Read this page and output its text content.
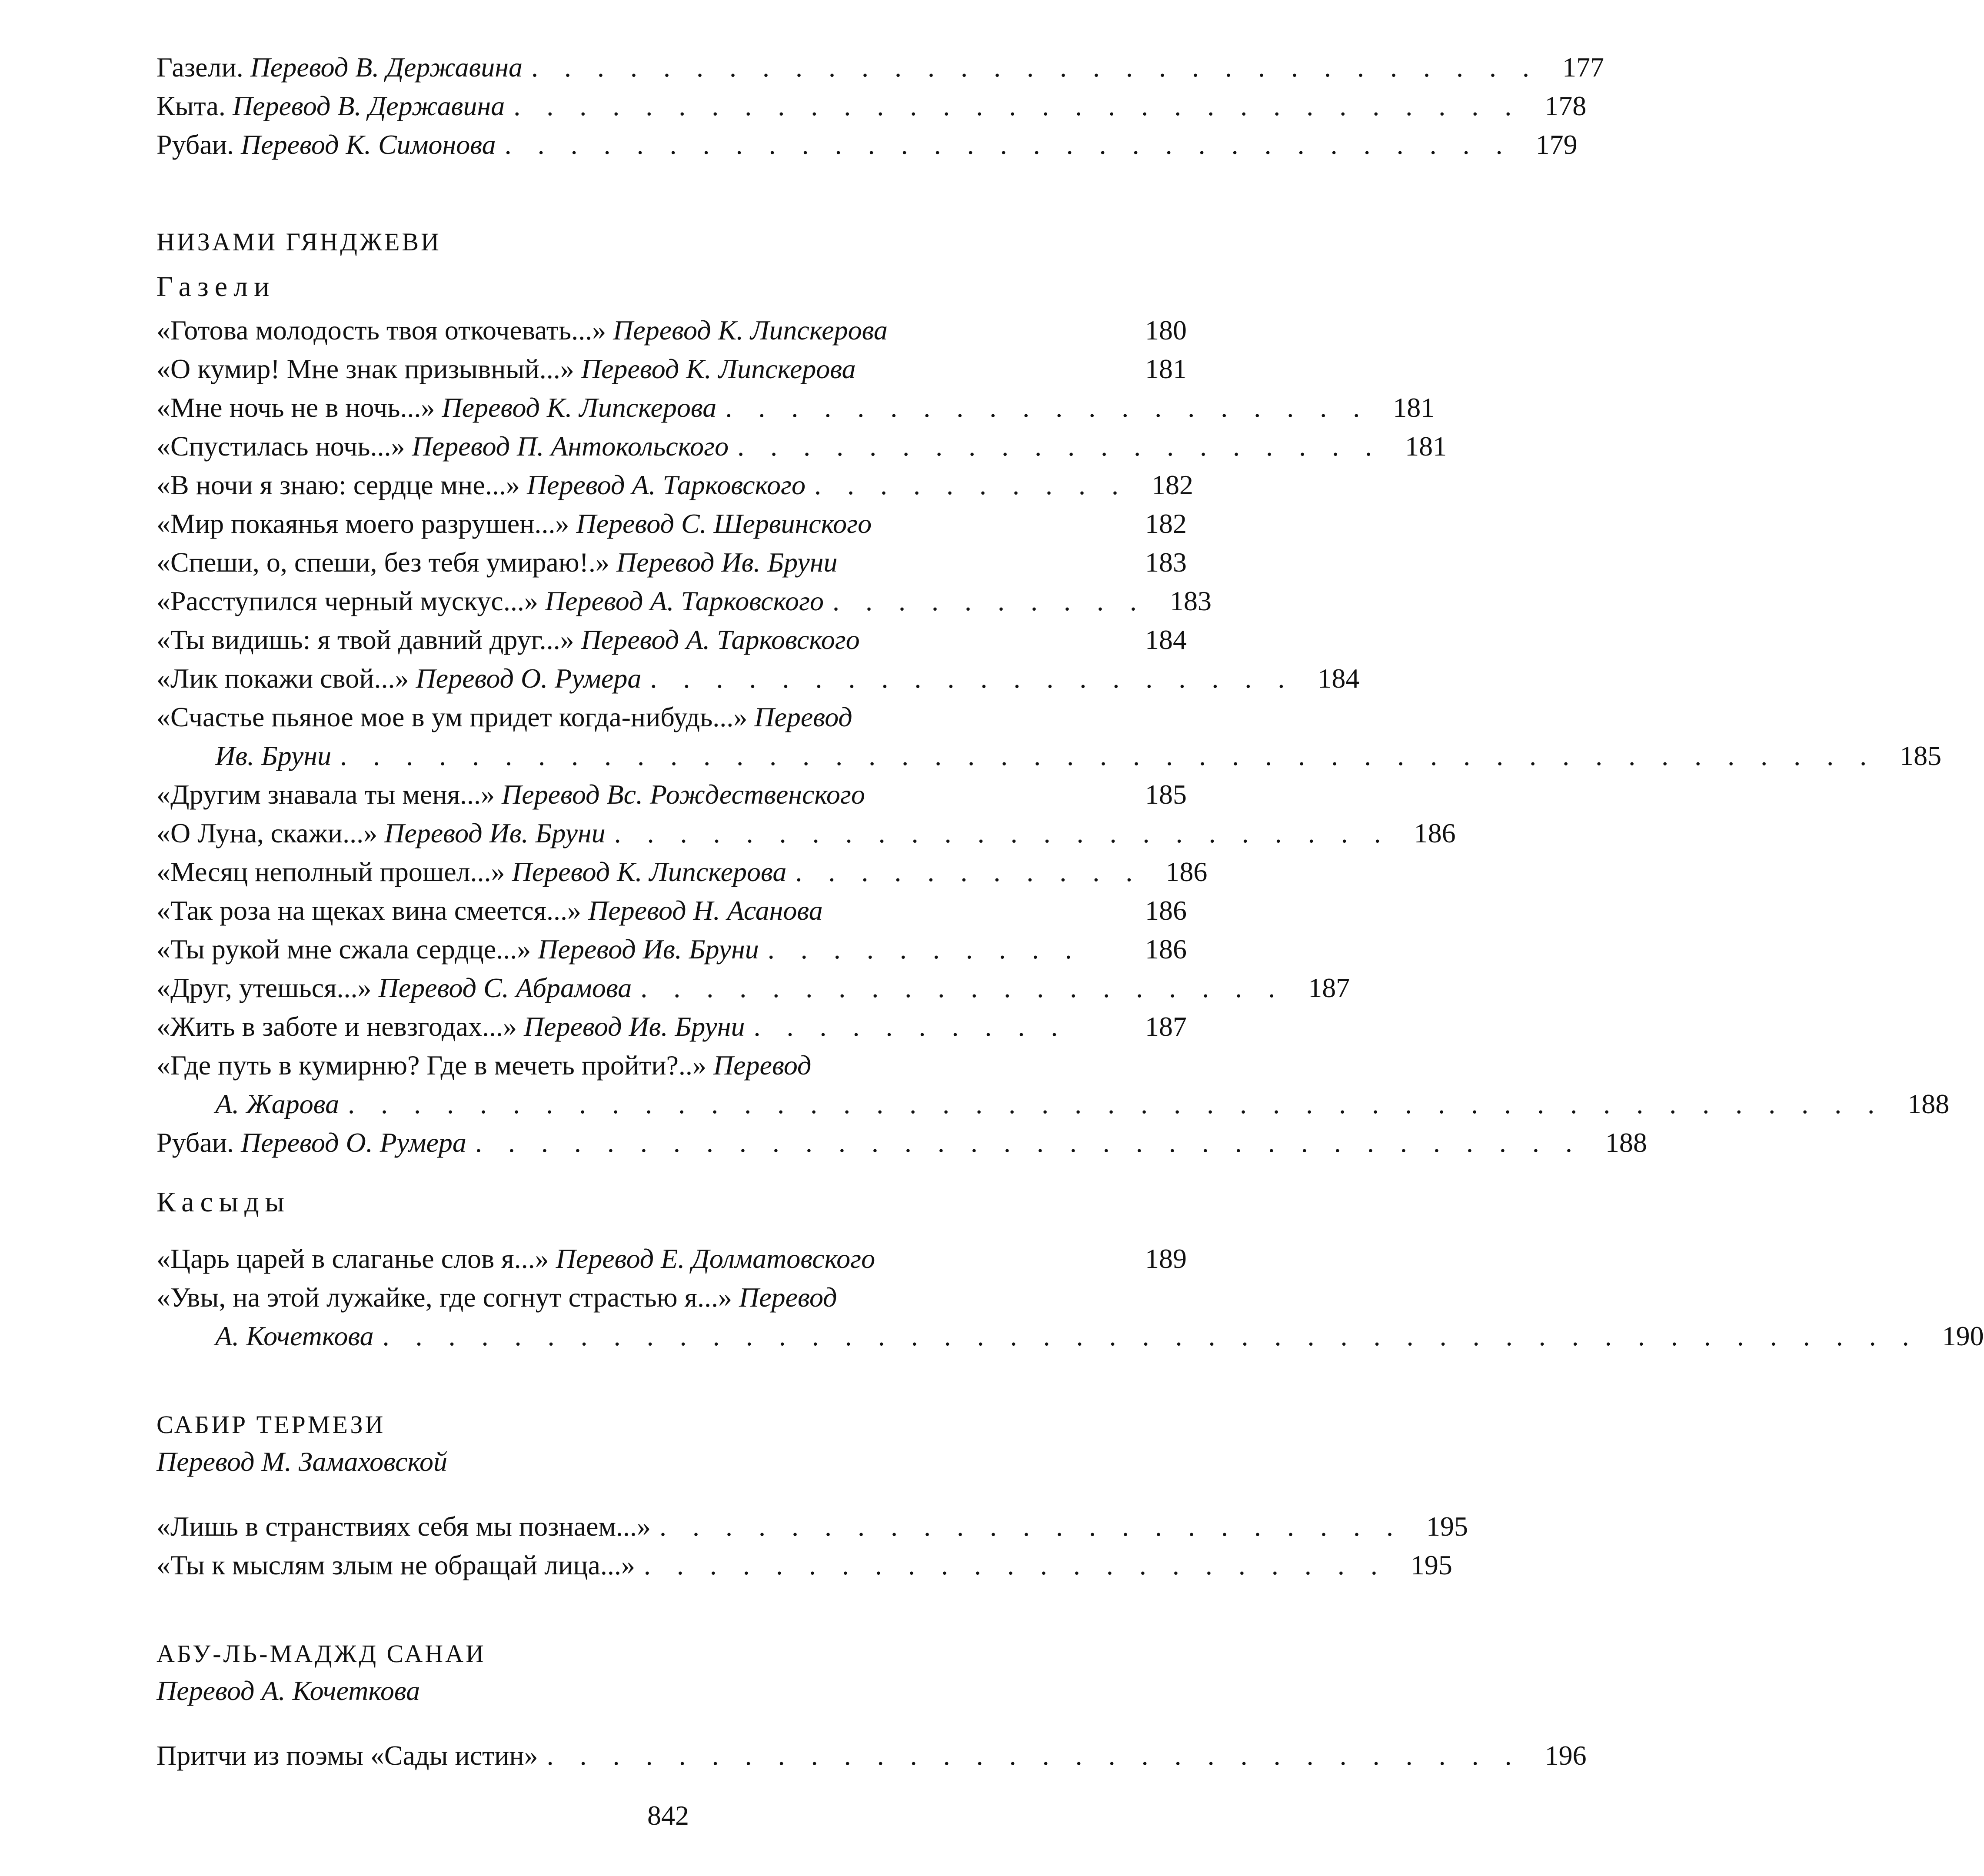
Газели. Перевод В. Державина . . . . . . . . . . . . . . . . . . . . . . . . . . . . . . . 177
Кыта. Перевод В. Державина . . . . . . . . . . . . . . . . . . . . . . . . . . . . . . . 178
Рубаи. Перевод К. Симонова . . . . . . . . . . . . . . . . . . . . . . . . . . . . . . . 179
НИЗАМИ ГЯНДЖЕВИ
Газели
«Готова молодость твоя откочевать...» Перевод К. Липскерова	180
«О кумир! Мне знак призывный...» Перевод К. Липскерова	181
«Мне ночь не в ночь...» Перевод К. Липскерова . . . . . . . . . . . . . . . . . . . . 181
«Спустилась ночь...» Перевод П. Антокольского . . . . . . . . . . . . . . . . . . . . 181
«В ночи я знаю: сердце мне...» Перевод А. Тарковского . . . . . . . . . . 182
«Мир покаянья моего разрушен...» Перевод С. Шервинского	182
«Спеши, о, спеши, без тебя умираю!.» Перевод Ив. Бруни	183
«Расступился черный мускус...» Перевод А. Тарковского . . . . . . . . . . 183
«Ты видишь: я твой давний друг...» Перевод А. Тарковского	184
«Лик покажи свой...» Перевод О. Румера . . . . . . . . . . . . . . . . . . . . 184
«Счастье пьяное мое в ум придет когда-нибудь...» Перевод
Ив. Бруни . . . . . . . . . . . . . . . . . . . . . . . . . . . . . . . . . . . . . . . . . . . . . . . 185
«Другим знавала ты меня...» Перевод Вс. Рождественского	185
«О Луна, скажи...» Перевод Ив. Бруни . . . . . . . . . . . . . . . . . . . . . . . . 186
«Месяц неполный прошел...» Перевод К. Липскерова . . . . . . . . . . . 186
«Так роза на щеках вина смеется...» Перевод Н. Асанова	186
«Ты рукой мне сжала сердце...» Перевод Ив. Бруни . . . . . . . . . .	186
«Друг, утешься...» Перевод С. Абрамова . . . . . . . . . . . . . . . . . . . . 187
«Жить в заботе и невзгодах...» Перевод Ив. Бруни . . . . . . . . . .	187
«Где путь в кумирню? Где в мечеть пройти?..» Перевод
А. Жарова . . . . . . . . . . . . . . . . . . . . . . . . . . . . . . . . . . . . . . . . . . . . . . . 188
Рубаи. Перевод О. Румера . . . . . . . . . . . . . . . . . . . . . . . . . . . . . . . . . . 188
Касыды
«Царь царей в слаганье слов я...» Перевод Е. Долматовского	189
«Увы, на этой лужайке, где согнут страстью я...» Перевод
А. Кочеткова . . . . . . . . . . . . . . . . . . . . . . . . . . . . . . . . . . . . . . . . . . . . . . . 190
САБИР ТЕРМЕЗИ
Перевод М. Замаховской
«Лишь в странствиях себя мы познаем...» . . . . . . . . . . . . . . . . . . . . . . . 195
«Ты к мыслям злым не обращай лица...» . . . . . . . . . . . . . . . . . . . . . . . 195
АБУ-ЛЬ-МАДЖД САНАИ
Перевод А. Кочеткова
Притчи из поэмы «Сады истин» . . . . . . . . . . . . . . . . . . . . . . . . . . . . . . 196
842
